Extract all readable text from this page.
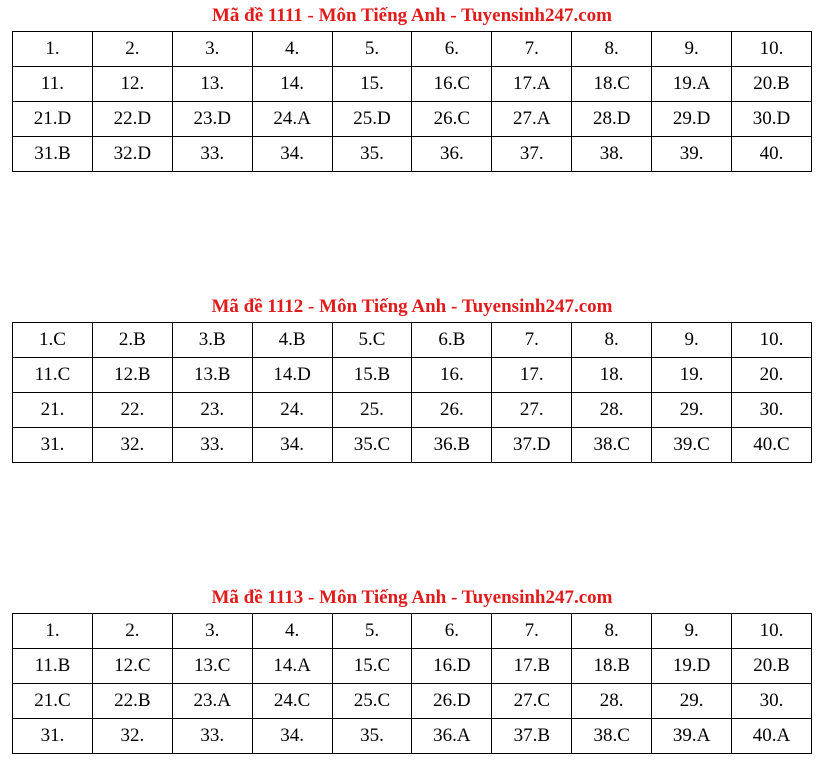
Mã đề 1111 - Môn Tiếng Anh - Tuyensinh247.com
1.	2.	3.	4.	5.	6.	7.	8.	9.	10.
11.	12.	13.	14.	15.	16.C	17.A	18.C	19.A	20.B
21.D	22.D	23.D	24.A	25.D	26.C	27.A	28.D	29.D	30.D
31.B	32.D	33.	34.	35.	36.	37.	38.	39.	40.
Mã đề 1112 - Môn Tiếng Anh - Tuyensinh247.com
1.C	2.B	3.B	4.B	5.C	6.B	7.	8.	9.	10.
11.C	12.B	13.B	14.D	15.B	16.	17.	18.	19.	20.
21.	22.	23.	24.	25.	26.	27.	28.	29.	30.
31.	32.	33.	34.	35.C	36.B	37.D	38.C	39.C	40.C
Mã đề 1113 - Môn Tiếng Anh - Tuyensinh247.com
1.	2.	3.	4.	5.	6.	7.	8.	9.	10.
11.B	12.C	13.C	14.A	15.C	16.D	17.B	18.B	19.D	20.B
21.C	22.B	23.A	24.C	25.C	26.D	27.C	28.	29.	30.
31.	32.	33.	34.	35.	36.A	37.B	38.C	39.A	40.A
